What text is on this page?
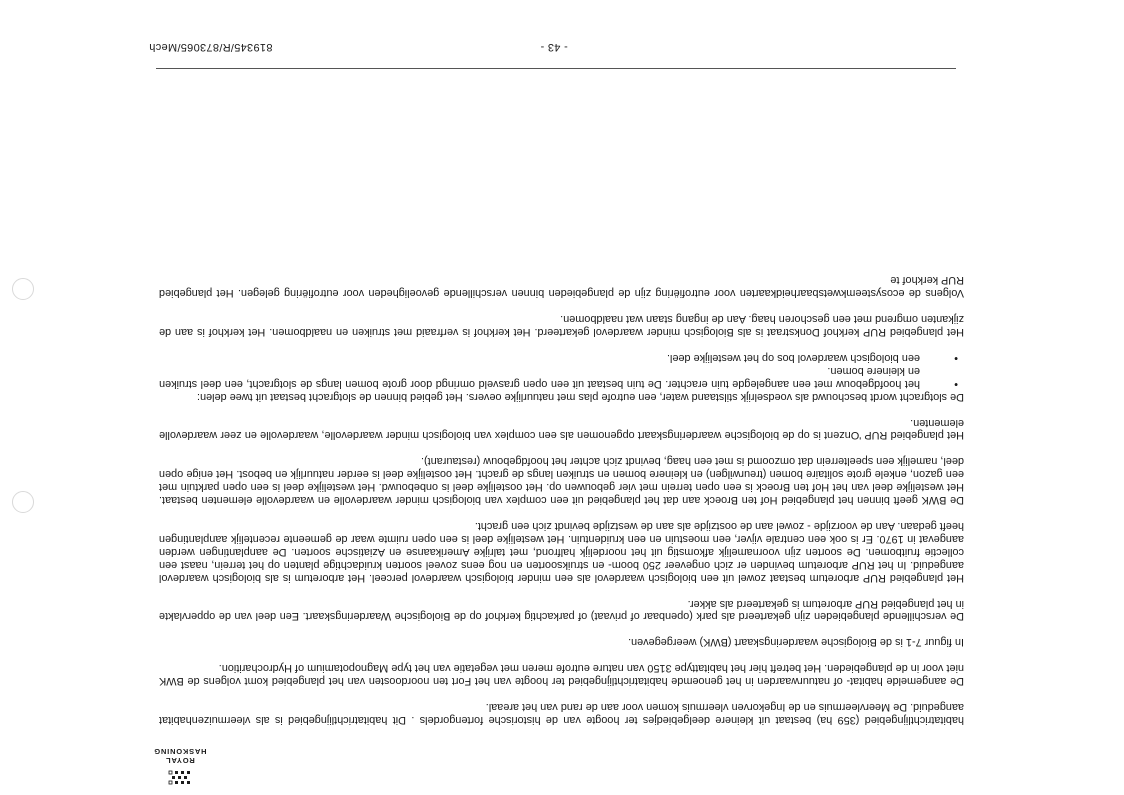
ROYAL HASKONING

habitatrichtlijngebied (359 ha) bestaat uit kleinere deelgebiedjes ter hoogte van de historische fortengordels . Dit habitatrichtlijngebied is als vleermuizenhabitat aangeduid. De Meervleermuis en de Ingekorven vleermuis komen voor aan de rand van het areaal.

De aangemelde habitat- of natuurwaarden in het genoemde habitatrichtlijngebied ter hoogte van het Fort ten noordoosten van het plangebied komt volgens de BWK niet voor in de plangebieden. Het betreft hier het habitattype 3150 van nature eutrofe meren met vegetatie van het type Magnopotamium of Hydrocharition.

In figuur 7-1 is de Biologische waarderingskaart (BWK) weergegeven.

De verschillende plangebieden zijn gekarteerd als park (openbaar of privaat) of parkachtig kerkhof op de Biologische Waarderingskaart. Een deel van de oppervlakte in het plangebied RUP arboretum is gekarteerd als akker.

Het plangebied RUP arboretum bestaat zowel uit een biologisch waardevol als een minder biologisch waardevol perceel. Het arboretum is als biologisch waardevol aangeduid. In het RUP arboretum bevinden er zich ongeveer 250 boom- en struiksoorten en nog eens zoveel soorten kruidachtige planten op het terrein, naast een collectie fruitbomen. De soorten zijn voornamelijk afkomstig uit het noordelijk halfrond, met talrijke Amerikaanse en Aziatische soorten. De aanplantingen werden aangevat in 1970. Er is ook een centrale vijver, een moestuin en een kruidentuin. Het westelijke deel is een open ruimte waar de gemeente recentelijk aanplantingen heeft gedaan. Aan de voorzijde - zowel aan de oostzijde als aan de westzijde bevindt zich een gracht.

De BWK geeft binnen het plangebied Hof ten Broeck aan dat het plangebied uit een complex van biologisch minder waardevolle en waardevolle elementen bestaat. Het westelijke deel van het Hof ten Broeck is een open terrein met vier gebouwen op. Het oostelijke deel is onbebouwd. Het westelijke deel is een open parktuin met een gazon, enkele grote solitaire bomen (treurwilgen) en kleinere bomen en struiken langs de gracht. Het oostelijke deel is eerder natuurlijk en bebost. Het enige open deel, namelijk een speelterrein dat omzoomd is met een haag, bevindt zich achter het hoofdgebouw (restaurant).

Het plangebied RUP 'Onzent is op de biologische waarderingskaart opgenomen als een complex van biologisch minder waardevolle, waardevolle en zeer waardevolle elementen.

De slotgracht wordt beschouwd als voedselrijk stilstaand water, een eutrofe plas met natuurlijke oevers. Het gebied binnen de slotgracht bestaat uit twee delen:

• het hoofdgebouw met een aangelegde tuin erachter. De tuin bestaat uit een open grasveld omringd door grote bomen langs de slotgracht, een deel struiken en kleinere bomen.
• een biologisch waardevol bos op het westelijke deel.

Het plangebied RUP kerkhof Donkstraat is als Biologisch minder waardevol gekarteerd. Het kerkhof is verfraaid met struiken en naaldbomen. Het kerkhof is aan de zijkanten omgrend met een geschoren haag. Aan de ingang staan wat naaldbomen.

Volgens de ecosysteemkwetsbaarheidkaarten voor eutrofiëring zijn de plangebieden binnen verschillende gevoeligheden voor eutrofiëring gelegen. Het plangebied RUP kerkhof te

- 43 -
819345/R/873065/Mech
